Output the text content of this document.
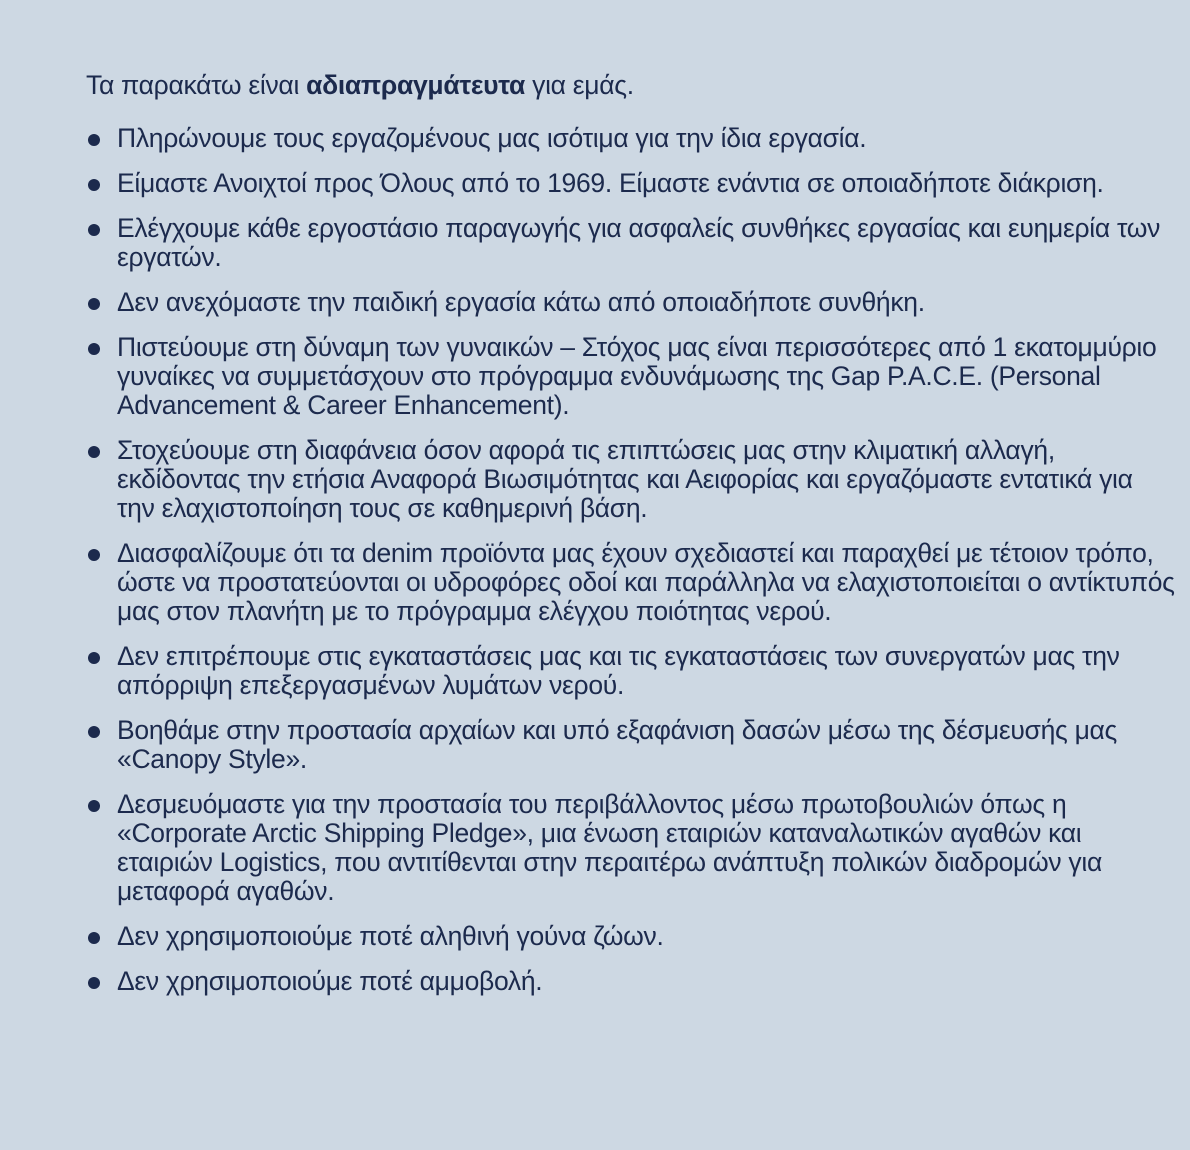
Τα παρακάτω είναι αδιαπραγμάτευτα για εμάς.

Πληρώνουμε τους εργαζομένους μας ισότιμα για την ίδια εργασία.
Είμαστε Ανοιχτοί προς Όλους από το 1969. Είμαστε ενάντια σε οποιαδήποτε διάκριση.
Ελέγχουμε κάθε εργοστάσιο παραγωγής για ασφαλείς συνθήκες εργασίας και ευημερία των εργατών.
Δεν ανεχόμαστε την παιδική εργασία κάτω από οποιαδήποτε συνθήκη.
Πιστεύουμε στη δύναμη των γυναικών – Στόχος μας είναι περισσότερες από 1 εκατομμύριο γυναίκες να συμμετάσχουν στο πρόγραμμα ενδυνάμωσης της Gap P.A.C.E. (Personal Advancement & Career Enhancement).
Στοχεύουμε στη διαφάνεια όσον αφορά τις επιπτώσεις μας στην κλιματική αλλαγή, εκδίδοντας την ετήσια Αναφορά Βιωσιμότητας και Αειφορίας και εργαζόμαστε εντατικά για την ελαχιστοποίηση τους σε καθημερινή βάση.
Διασφαλίζουμε ότι τα denim προϊόντα μας έχουν σχεδιαστεί και παραχθεί με τέτοιον τρόπο, ώστε να προστατεύονται οι υδροφόρες οδοί και παράλληλα να ελαχιστοποιείται ο αντίκτυπός μας στον πλανήτη με το πρόγραμμα ελέγχου ποιότητας νερού.
Δεν επιτρέπουμε στις εγκαταστάσεις μας και τις εγκαταστάσεις των συνεργατών μας την απόρριψη επεξεργασμένων λυμάτων νερού.
Βοηθάμε στην προστασία αρχαίων και υπό εξαφάνιση δασών μέσω της δέσμευσής μας «Canopy Style».
Δεσμευόμαστε για την προστασία του περιβάλλοντος μέσω πρωτοβουλιών όπως η «Corporate Arctic Shipping Pledge», μια ένωση εταιριών καταναλωτικών αγαθών και εταιριών Logistics, που αντιτίθενται στην περαιτέρω ανάπτυξη πολικών διαδρομών για μεταφορά αγαθών.
Δεν χρησιμοποιούμε ποτέ αληθινή γούνα ζώων.
Δεν χρησιμοποιούμε ποτέ αμμοβολή.
